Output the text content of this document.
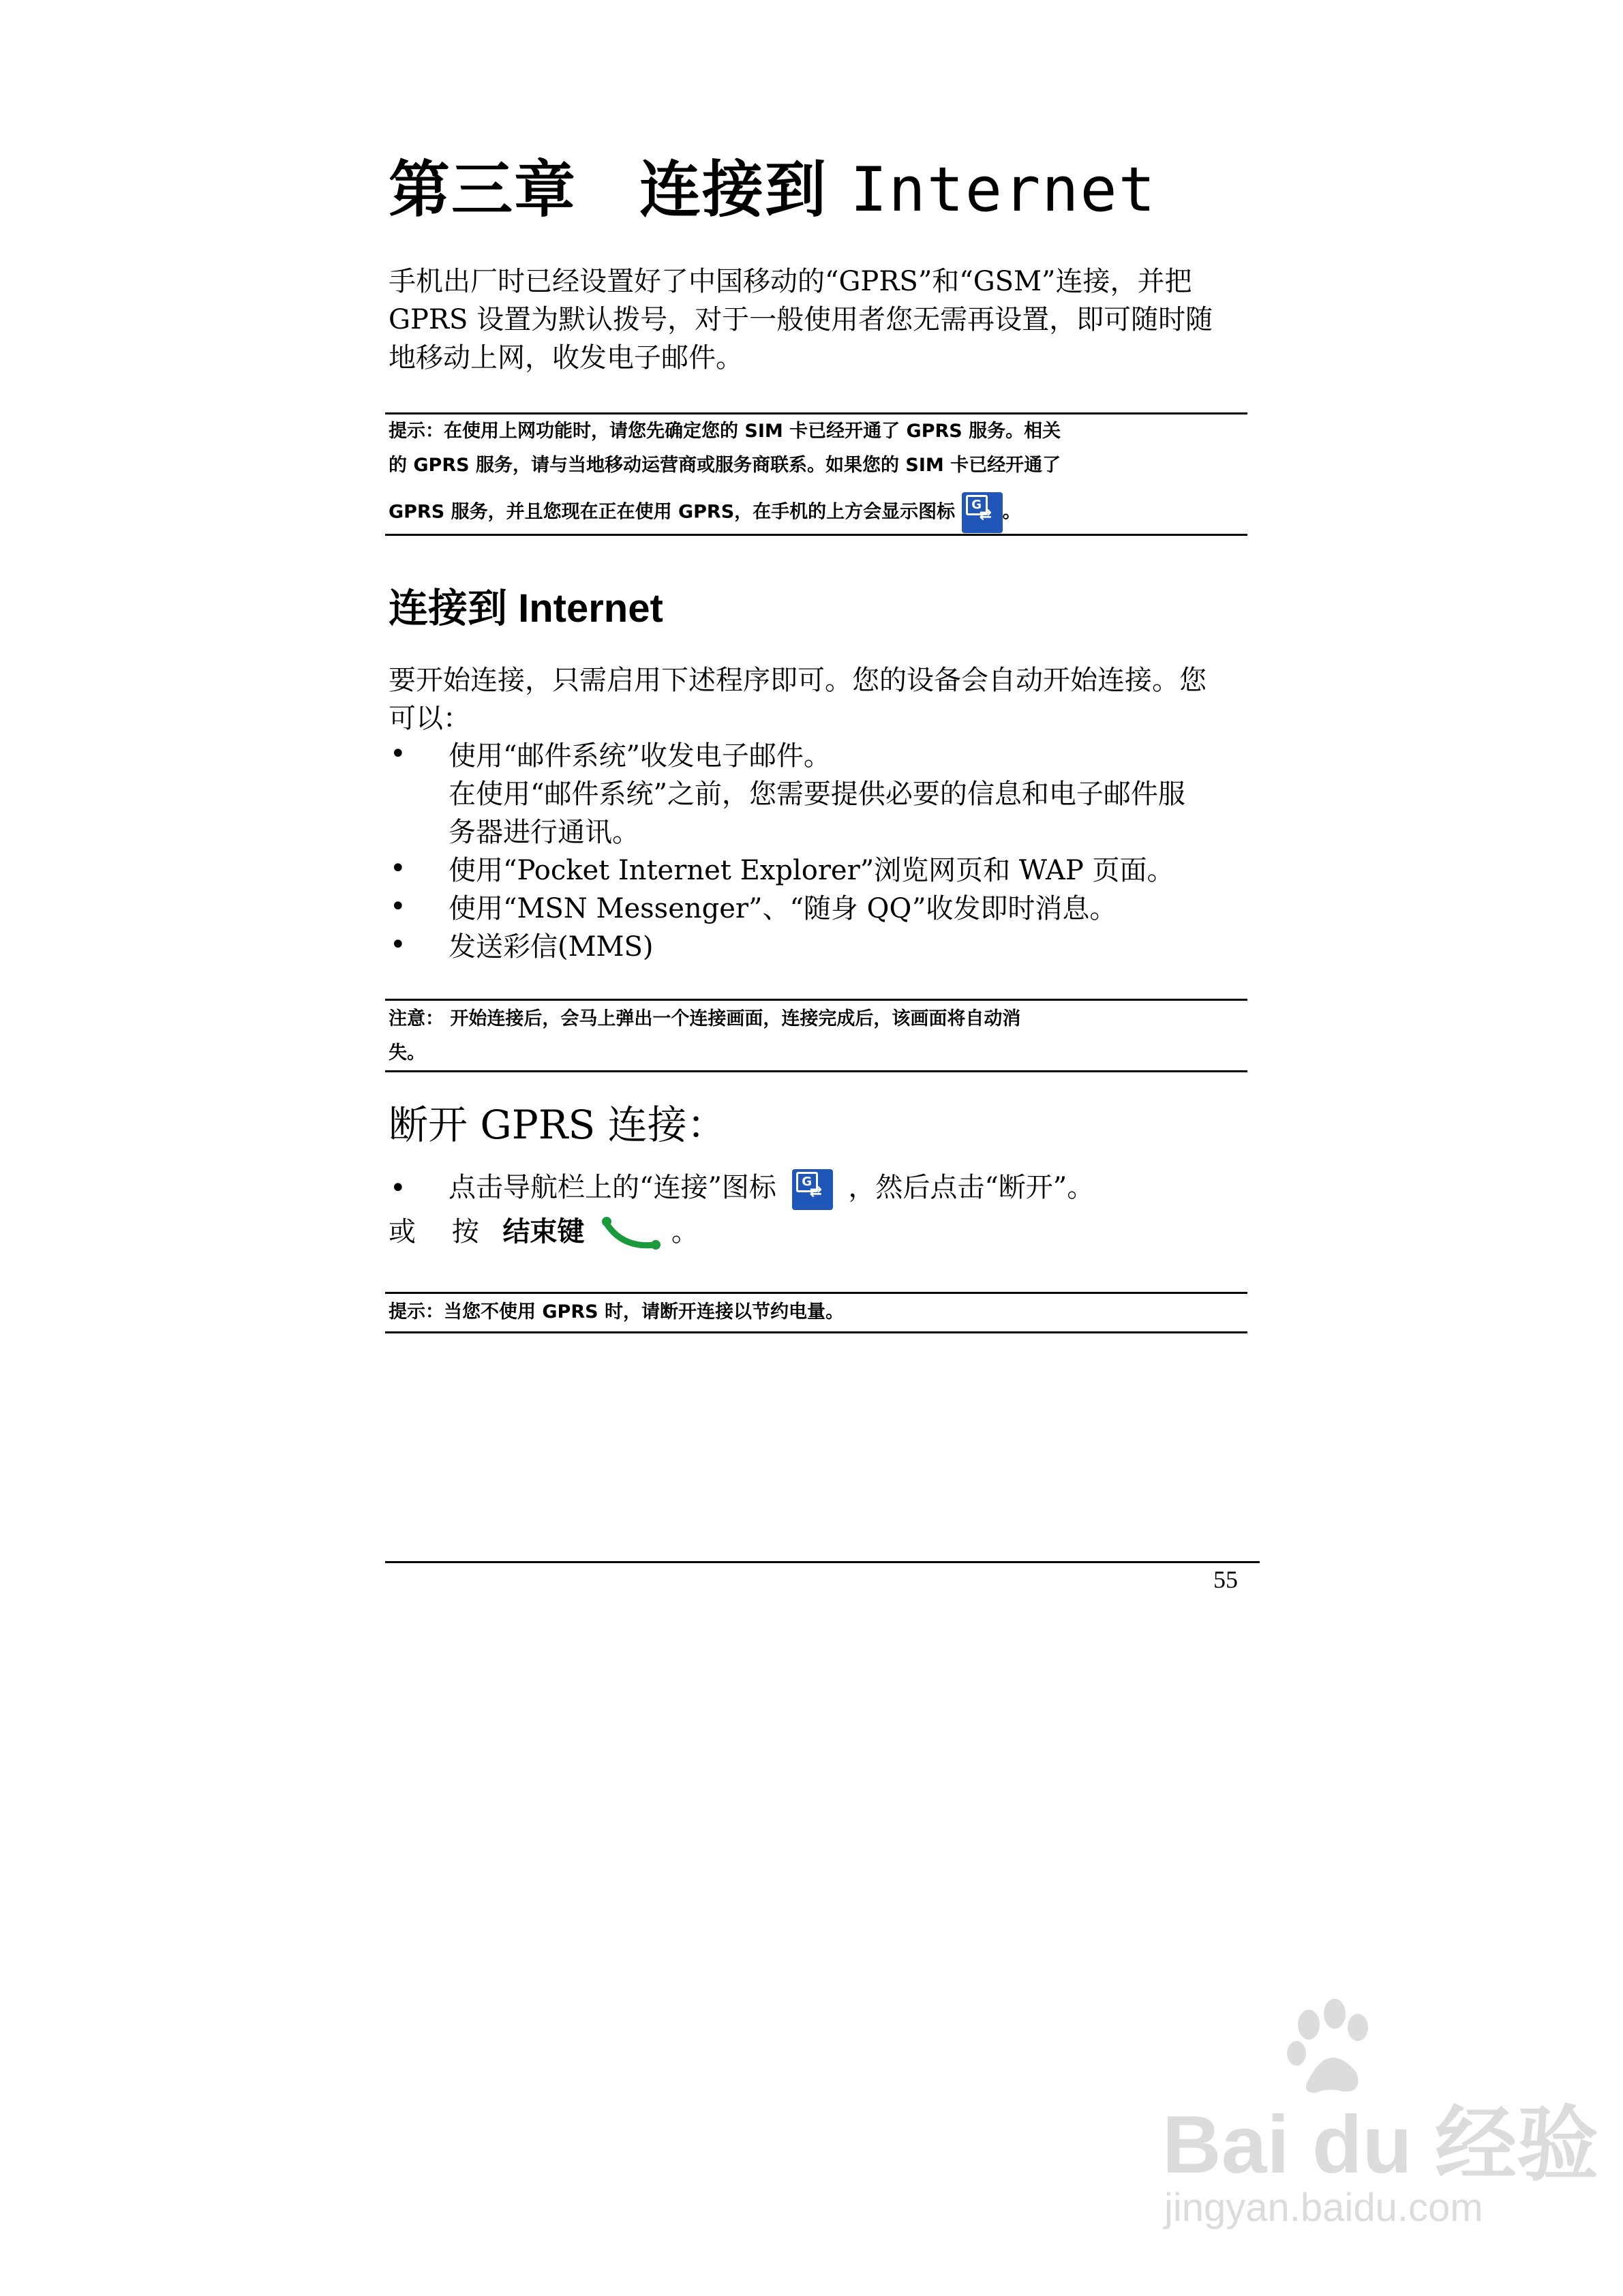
第三章　连接到 Internet
手机出厂时已经设置好了中国移动的“GPRS”和“GSM”连接，并把
GPRS 设置为默认拨号，对于一般使用者您无需再设置，即可随时随
地移动上网，收发电子邮件。
提示：在使用上网功能时，请您先确定您的 SIM 卡已经开通了 GPRS 服务。相关
的 GPRS 服务，请与当地移动运营商或服务商联系。如果您的 SIM 卡已经开通了
GPRS 服务，并且您现在正在使用 GPRS，在手机的上方会显示图标	G
⇄ 。
连接到 Internet
要开始连接，只需启用下述程序即可。您的设备会自动开始连接。您
可以：
• 使用“邮件系统”收发电子邮件。
在使用“邮件系统”之前，您需要提供必要的信息和电子邮件服
务器进行通讯。
• 使用“Pocket Internet Explorer”浏览网页和 WAP 页面。
• 使用“MSN Messenger”、“随身 QQ”收发即时消息。
• 发送彩信(MMS)
注意： 开始连接后，会马上弹出一个连接画面，连接完成后，该画面将自动消
失。
断开 GPRS 连接：
• 点击导航栏上的“连接”图标	G
⇄ ，然后点击“断开”。
或 按 结束键	。
提示：当您不使用 GPRS 时，请断开连接以节约电量。
55
Bai du 经验
jingyan.baidu.com
